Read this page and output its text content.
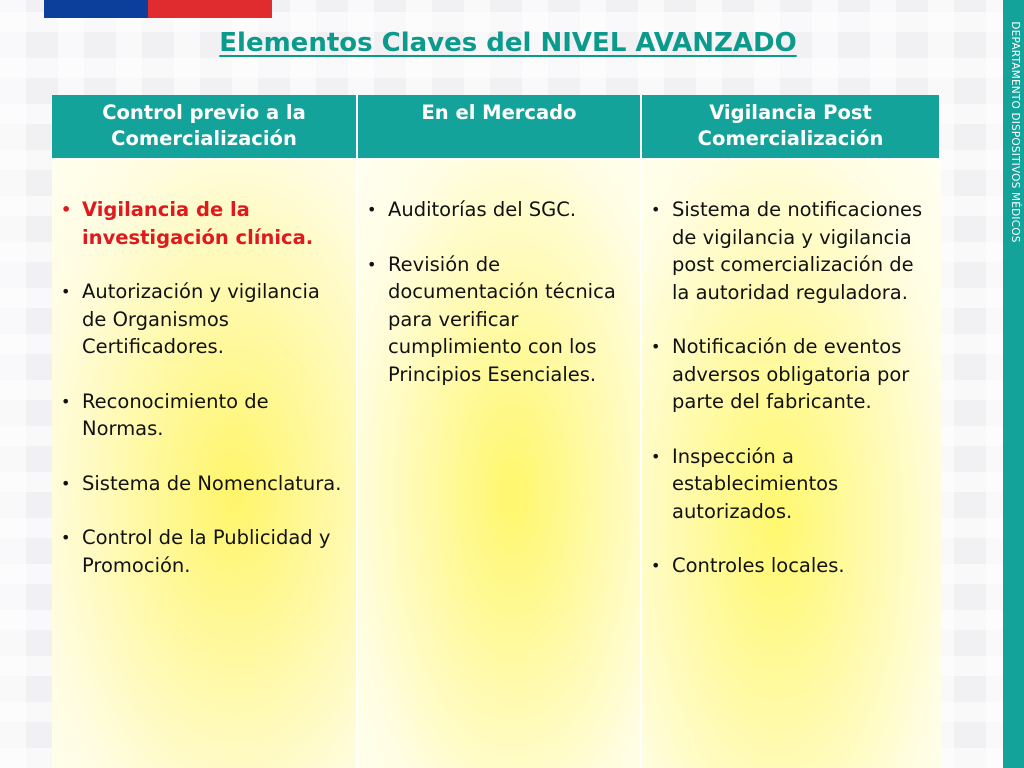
Elementos Claves del NIVEL AVANZADO	DEPARTAMENTO DISPOSITIVOS MÉDICOS
Control previo a la Comercialización
En el Mercado	Vigilancia Post Comercialización
• Vigilancia de la investigación clínica.
• Autorización y vigilancia de Organismos Certificadores.
• Reconocimiento de Normas.
• Sistema de Nomenclatura.
• Control de la Publicidad y Promoción.
• Auditorías del SGC.
• Revisión de documentación técnica para verificar cumplimiento con los Principios Esenciales.
• Sistema de notificaciones de vigilancia y vigilancia post comercialización de la autoridad reguladora.
• Notificación de eventos adversos obligatoria por parte del fabricante.
• Inspección a establecimientos autorizados.
• Controles locales.
